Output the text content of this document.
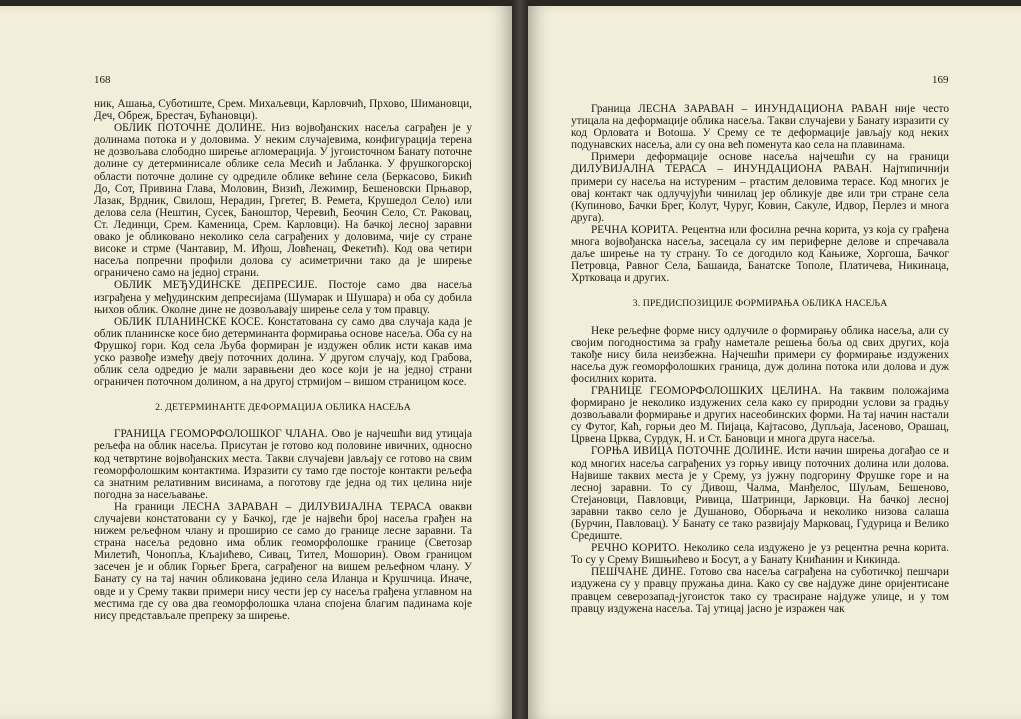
168

ник, Ашања, Суботиште, Срем. Михаљевци, Карловчић, Прхово, Шимановци, Деч, Обреж, Брестач, Бућановци).

ОБЛИК ПОТОЧНЕ ДОЛИНЕ. Низ војвођанских насеља саграђен је у долинама потока и у доловима. У неким случајевима, конфигурација терена не дозвољава слободно ширење агломерација. У југоисточном Банату поточне долине су детерминисале облике села Месић и Јабланка. У фрушкогорској области поточне долине су одредиле облике већине села (Беркасово, Бикић До, Сот, Привина Глава, Моловин, Визић, Лежимир, Бешеновски Прњавор, Лазак, Врдник, Свилош, Нерадин, Гргетег, В. Ремета, Крушедол Село) или делова села (Нештин, Сусек, Баноштор, Черевић, Беочин Село, Ст. Раковац, Ст. Лединци, Срем. Каменица, Срем. Карловци). На бачкој лесној заравни овако је обликовано неколико села саграђених у доловима, чије су стране високе и стрме (Чантавир, М. Иђош, Ловћенац, Фекетић). Код ова четири насеља попречни профили долова су асиметрични тако да је ширење ограничено само на једној страни.

ОБЛИК МЕЂУДИНСКЕ ДЕПРЕСИЈЕ. Постоје само два насеља изграђена у међудинским депресијама (Шумарак и Шушара) и оба су добила њихов облик. Околне дине не дозвољавају ширење села у том правцу.

ОБЛИК ПЛАНИНСКЕ КОСЕ. Констатована су само два случаја када је облик планинске косе био детерминанта формирања основе насеља. Оба су на Фрушкој гори. Код села Љуба формиран је издужен облик исти какав има уско развође између двеју поточних долина. У другом случају, код Грабова, облик села одредио је мали заравњени део косе који је на једној страни ограничен поточном долином, а на другој стрмијом – вишом страницом косе.

2. ДЕТЕРМИНАНТЕ ДЕФОРМАЦИЈА ОБЛИКА НАСЕЉА

ГРАНИЦА ГЕОМОРФОЛОШКОГ ЧЛАНА. Ово је најчешћи вид утицаја рељефа на облик насеља. Присутан је готово код половине ивичних, односно код четвртине војвођанских места. Такви случајеви јављају се готово на свим геоморфолошким контактима. Изразити су тамо где постоје контакти рељефа са знатним релативним висинама, а поготову где једна од тих целина није погодна за насељавање.

На граници ЛЕСНА ЗАРАВАН – ДИЛУВИЈАЛНА ТЕРАСА овакви случајеви констатовани су у Бачкој, где је највећи број насеља грађен на нижем рељефном члану и проширио се само до границе лесне заравни. Та страна насеља редовно има облик геоморфолошке границе (Светозар Милетић, Чонопља, Кљајићево, Сивац, Тител, Мошорин). Овом границом засечен је и облик Горњег Брега, саграђеног на вишем рељефном члану. У Банату су на тај начин обликована једино села Иланџа и Крушчица. Иначе, овде и у Срему такви примери нису чести јер су насеља грађена углавном на местима где су ова два геоморфолошка члана спојена благим падинама које нису представљале препреку за ширење.

169

Граница ЛЕСНА ЗАРАВАН – ИНУНДАЦИОНА РАВАН није често утицала на деформације облика насеља. Такви случајеви у Банату изразити су код Орловата и Botoша. У Срему се те деформације јављају код неких подунавских насеља, али су она већ поменута као села на плавинама.

Примери деформације основе насеља најчешћи су на граници ДИЛУВИЈАЛНА ТЕРАСА – ИНУНДАЦИОНА РАВАН. Најтипичнији примери су насеља на истуреним – ртастим деловима терасе. Код многих је овај контакт чак одлучујући чинилац јер обликује две или три стране села (Купиново, Бачки Брег, Колут, Чуруг, Ковин, Сакуле, Идвор, Перлез и многа друга).

РЕЧНА КОРИТА. Рецентна или фосилна речна корита, уз која су грађена многа војвођанска насеља, засецала су им периферне делове и спречавала даље ширење на ту страну. То се догодило код Кањиже, Хоргоша, Бачког Петровца, Равног Села, Башаида, Банатске Тополе, Платичева, Никинаца, Хртковаца и других.

3. ПРЕДИСПОЗИЦИЈЕ ФОРМИРАЊА ОБЛИКА НАСЕЉА

Неке рељефне форме нису одлучиле о формирању облика насеља, али су својим погодностима за грађу наметале решења боља од свих других, која такође нису била неизбежна. Најчешћи примери су формирање издужених насеља дуж геоморфолошких граница, дуж долина потока или долова и дуж фосилних корита.

ГРАНИЦЕ ГЕОМОРФОЛОШКИХ ЦЕЛИНА. На таквим положајима формирано је неколико издужених села како су природни услови за градњу дозвољавали формирање и других насеобинских форми. На тај начин настали су Футог, Каћ, горњи део М. Пијаца, Кајтасово, Дупљаја, Јасеново, Орашац, Црвена Црква, Сурдук, Н. и Ст. Бановци и многа друга насеља.

ГОРЊА ИВИЦА ПОТОЧНЕ ДОЛИНЕ. Исти начин ширења догађао се и код многих насеља саграђених уз горњу ивицу поточних долина или долова. Највише таквих места је у Срему, уз јужну подгорину Фрушке горе и на лесној заравни. То су Дивош, Чалма, Манђелос, Шуљам, Бешеново, Стејановци, Павловци, Ривица, Шатринци, Јарковци. На бачкој лесној заравни такво село је Душаново, Оборњача и неколико низова салаша (Бурчин, Павловац). У Банату се тако развијају Марковац, Гудурица и Велико Средиште.

РЕЧНО КОРИТО. Неколико села издужено је уз рецентна речна корита. То су у Срему Вишњићево и Босут, а у Банату Книћанин и Кикинда.

ПЕШЧАНЕ ДИНЕ. Готово сва насеља саграђена на суботичкој пешчари издужена су у правцу пружања дина. Како су све најдуже дине оријентисане правцем северозапад-југоисток тако су трасиране најдуже улице, и у том правцу издужена насеља. Тај утицај јасно је изражен чак
